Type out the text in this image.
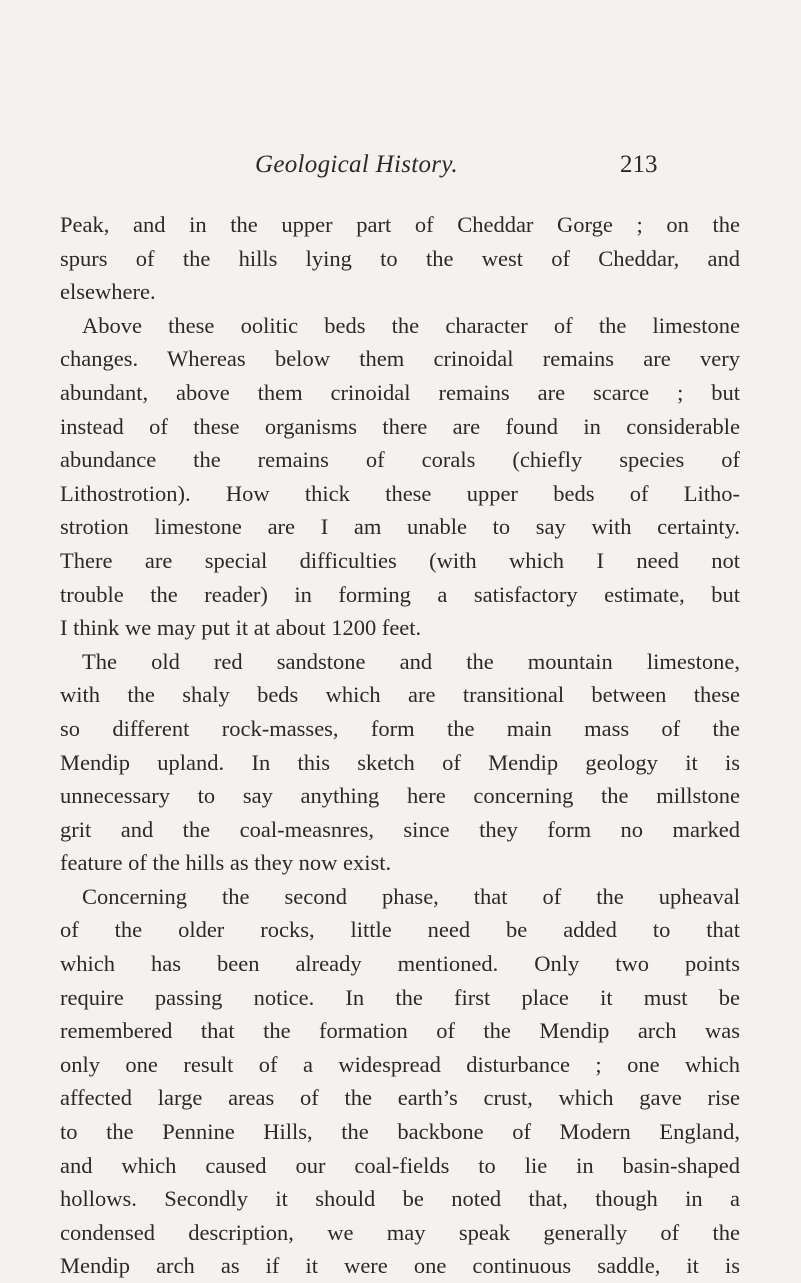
Geological History.	213
Peak, and in the upper part of Cheddar Gorge ; on the
spurs of the hills lying to the west of Cheddar, and
elsewhere.
Above these oolitic beds the character of the limestone
changes. Whereas below them crinoidal remains are very
abundant, above them crinoidal remains are scarce ; but
instead of these organisms there are found in considerable
abundance the remains of corals (chiefly species of
Lithostrotion). How thick these upper beds of Litho-
strotion limestone are I am unable to say with certainty.
There are special difficulties (with which I need not
trouble the reader) in forming a satisfactory estimate, but
I think we may put it at about 1200 feet.
The old red sandstone and the mountain limestone,
with the shaly beds which are transitional between these
so different rock-masses, form the main mass of the
Mendip upland. In this sketch of Mendip geology it is
unnecessary to say anything here concerning the millstone
grit and the coal-measnres, since they form no marked
feature of the hills as they now exist.
Concerning the second phase, that of the upheaval
of the older rocks, little need be added to that
which has been already mentioned. Only two points
require passing notice. In the first place it must be
remembered that the formation of the Mendip arch was
only one result of a widespread disturbance ; one which
affected large areas of the earth’s crust, which gave rise
to the Pennine Hills, the backbone of Modern England,
and which caused our coal-fields to lie in basin-shaped
hollows. Secondly it should be noted that, though in a
condensed description, we may speak generally of the
Mendip arch as if it were one continuous saddle, it is
